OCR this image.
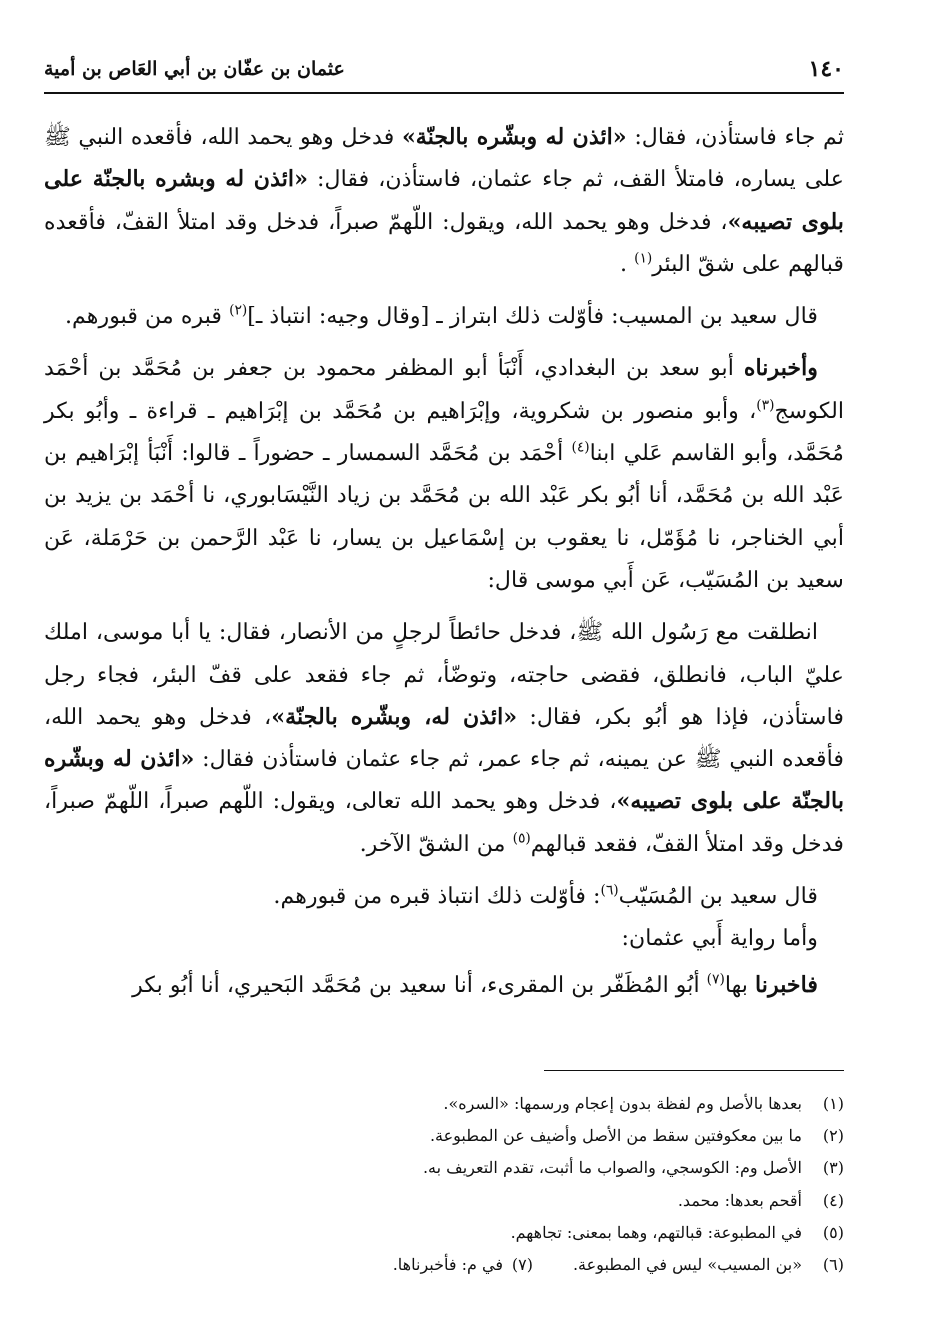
١٤٠
عثمان بن عفّان بن أبي العَاص بن أمية

ثم جاء فاستأذن، فقال: «ائذن له وبشّره بالجنّة» فدخل وهو يحمد الله، فأقعده النبي ﷺ على يساره، فامتلأ القف، ثم جاء عثمان، فاستأذن، فقال: «ائذن له وبشره بالجنّة على بلوى تصيبه»، فدخل وهو يحمد الله، ويقول: اللّهمّ صبراً، فدخل وقد امتلأ القفّ، فأقعده قبالهم على شقّ البئر$^{(١)}$ .

قال سعيد بن المسيب: فأوّلت ذلك ابتراز ـ [وقال وجيه: انتباذ ـ]$^{(٢)}$ قبره من قبورهم.

وأخبرناه أبو سعد بن البغدادي، أَنْبَأ أبو المظفر محمود بن جعفر بن مُحَمَّد بن أحْمَد الكوسج$^{(٣)}$، وأبو منصور بن شكروية، وإبْرَاهيم بن مُحَمَّد بن إبْرَاهيم ـ قراءة ـ وأبُو بكر مُحَمَّد، وأبو القاسم عَلي ابنا$^{(٤)}$ أحْمَد بن مُحَمَّد السمسار ـ حضوراً ـ قالوا: أَنْبَأ إبْرَاهيم بن عَبْد الله بن مُحَمَّد، أنا أبُو بكر عَبْد الله بن مُحَمَّد بن زياد النَّيْسَابوري، نا أحْمَد بن يزيد بن أبي الخناجر، نا مُؤَمّل، نا يعقوب بن إسْمَاعيل بن يسار، نا عَبْد الرَّحمن بن حَرْمَلة، عَن سعيد بن المُسَيّب، عَن أَبي موسى قال:

انطلقت مع رَسُول الله ﷺ، فدخل حائطاً لرجلٍ من الأنصار، فقال: يا أبا موسى، املك عليّ الباب، فانطلق، فقضى حاجته، وتوضّأ، ثم جاء فقعد على قفّ البئر، فجاء رجل فاستأذن، فإذا هو أبُو بكر، فقال: «ائذن له، وبشّره بالجنّة»، فدخل وهو يحمد الله، فأقعده النبي ﷺ عن يمينه، ثم جاء عمر، ثم جاء عثمان فاستأذن فقال: «ائذن له وبشّره بالجنّة على بلوى تصيبه»، فدخل وهو يحمد الله تعالى، ويقول: اللّهم صبراً، اللّهمّ صبراً، فدخل وقد امتلأ القفّ، فقعد قبالهم$^{(٥)}$ من الشقّ الآخر.

قال سعيد بن المُسَيّب$^{(٦)}$: فأوّلت ذلك انتباذ قبره من قبورهم.

وأما رواية أَبي عثمان:

فاخبرنا بها$^{(٧)}$ أبُو المُظَفّر بن المقرىء، أنا سعيد بن مُحَمَّد البَحيري، أنا أبُو بكر

(١)
بعدها بالأصل وم لفظة بدون إعجام ورسمها: «السره».
(٢)
ما بين معكوفتين سقط من الأصل وأضيف عن المطبوعة.
(٣)
الأصل وم: الكوسجي، والصواب ما أثبت، تقدم التعريف به.
(٤)
أقحم بعدها: محمد.
(٥)
في المطبوعة: قبالتهم، وهما بمعنى: تجاههم.
(٦)
«بن المسيب» ليس في المطبوعة.
(٧)
في م: فأخبرناها.
